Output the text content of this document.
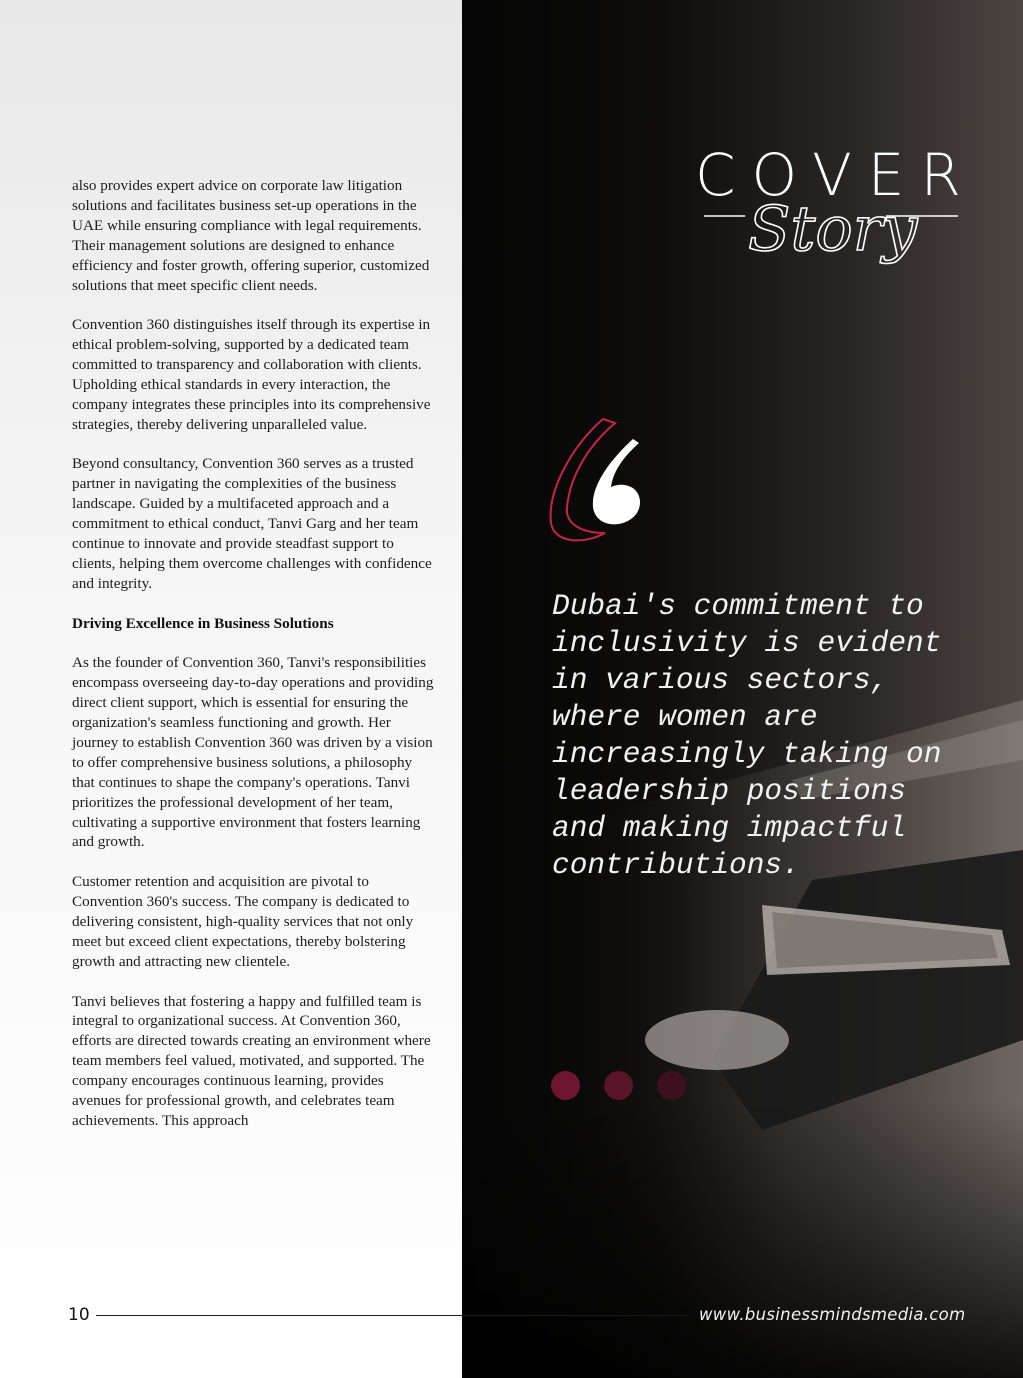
also provides expert advice on corporate law litigation solutions and facilitates business set-up operations in the UAE while ensuring compliance with legal requirements. Their management solutions are designed to enhance efficiency and foster growth, offering superior, customized solutions that meet specific client needs.

Convention 360 distinguishes itself through its expertise in ethical problem-solving, supported by a dedicated team committed to transparency and collaboration with clients. Upholding ethical standards in every interaction, the company integrates these principles into its comprehensive strategies, thereby delivering unparalleled value.

Beyond consultancy, Convention 360 serves as a trusted partner in navigating the complexities of the business landscape. Guided by a multifaceted approach and a commitment to ethical conduct, Tanvi Garg and her team continue to innovate and provide steadfast support to clients, helping them overcome challenges with confidence and integrity.

Driving Excellence in Business Solutions

As the founder of Convention 360, Tanvi's responsibilities encompass overseeing day-to-day operations and providing direct client support, which is essential for ensuring the organization's seamless functioning and growth. Her journey to establish Convention 360 was driven by a vision to offer comprehensive business solutions, a philosophy that continues to shape the company's operations. Tanvi prioritizes the professional development of her team, cultivating a supportive environment that fosters learning and growth.

Customer retention and acquisition are pivotal to Convention 360's success. The company is dedicated to delivering consistent, high-quality services that not only meet but exceed client expectations, thereby bolstering growth and attracting new clientele.

Tanvi believes that fostering a happy and fulfilled team is integral to organizational success. At Convention 360, efforts are directed towards creating an environment where team members feel valued, motivated, and supported. The company encourages continuous learning, provides avenues for professional growth, and celebrates team achievements. This approach

COVER
Story

Dubai's commitment to inclusivity is evident in various sectors, where women are increasingly taking on leadership positions and making impactful contributions.

10	www.businessmindsmedia.com
